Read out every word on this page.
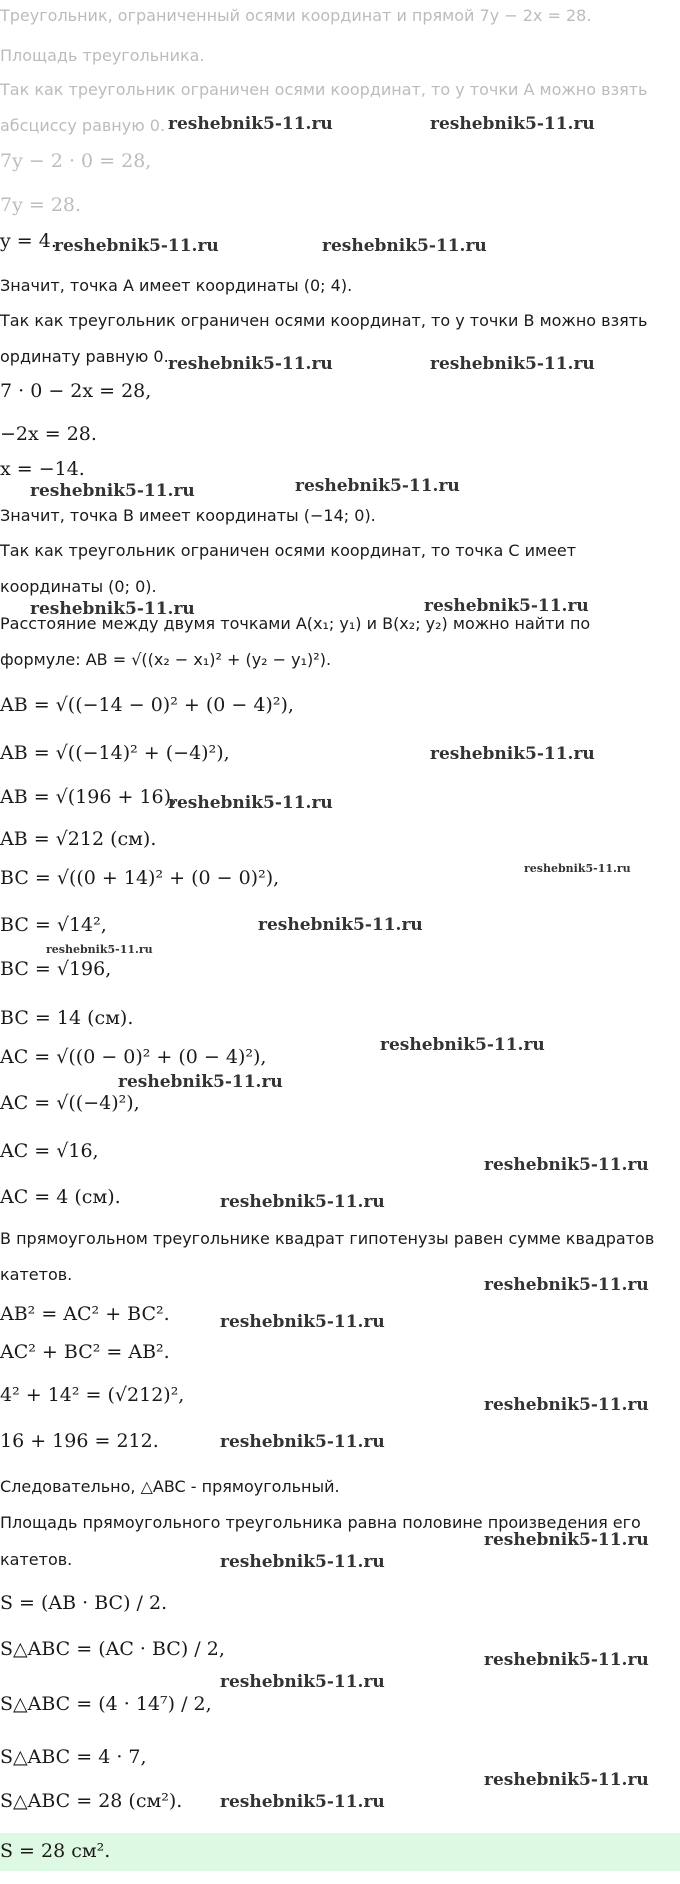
Треугольник, ограниченный осями координат и прямой 7y − 2x = 28.
Площадь треугольника.
Так как треугольник ограничен осями координат, то у точки A можно взять
абсциссу равную 0.
7y − 2 · 0 = 28,
7y = 28.
y = 4.
Значит, точка A имеет координаты (0; 4).
Так как треугольник ограничен осями координат, то у точки B можно взять
ординату равную 0.
7 · 0 − 2x = 28,
−2x = 28.
x = −14.
Значит, точка B имеет координаты (−14; 0).
Так как треугольник ограничен осями координат, то точка C имеет
координаты (0; 0).
Расстояние между двумя точками A(x₁; y₁) и B(x₂; y₂) можно найти по
формуле: AB = √((x₂ − x₁)² + (y₂ − y₁)²).
AB = √((−14 − 0)² + (0 − 4)²),
AB = √((−14)² + (−4)²),
AB = √(196 + 16),
AB = √212 (см).
BC = √((0 + 14)² + (0 − 0)²),
BC = √14²,
BC = √196,
BC = 14 (см).
AC = √((0 − 0)² + (0 − 4)²),
AC = √((−4)²),
AC = √16,
AC = 4 (см).
В прямоугольном треугольнике квадрат гипотенузы равен сумме квадратов
катетов.
AB² = AC² + BC².
AC² + BC² = AB².
4² + 14² = (√212)²,
16 + 196 = 212.
Следовательно, △ABC - прямоугольный.
Площадь прямоугольного треугольника равна половине произведения его
катетов.
S = (AB · BC) / 2.
S△ABC = (AC · BC) / 2,
S△ABC = (4 · 14⁷) / 2,
S△ABC = 4 · 7,
S△ABC = 28 (см²).
S = 28 см².
reshebnik5-11.ru	reshebnik5-11.ru
reshebnik5-11.ru	reshebnik5-11.ru
reshebnik5-11.ru	reshebnik5-11.ru
reshebnik5-11.ru	reshebnik5-11.ru
reshebnik5-11.ru	reshebnik5-11.ru
reshebnik5-11.ru
reshebnik5-11.ru
reshebnik5-11.ru
reshebnik5-11.ru
reshebnik5-11.ru
reshebnik5-11.ru
reshebnik5-11.ru
reshebnik5-11.ru
reshebnik5-11.ru
reshebnik5-11.ru
reshebnik5-11.ru
reshebnik5-11.ru
reshebnik5-11.ru
reshebnik5-11.ru
reshebnik5-11.ru
reshebnik5-11.ru
reshebnik5-11.ru
reshebnik5-11.ru
reshebnik5-11.ru
